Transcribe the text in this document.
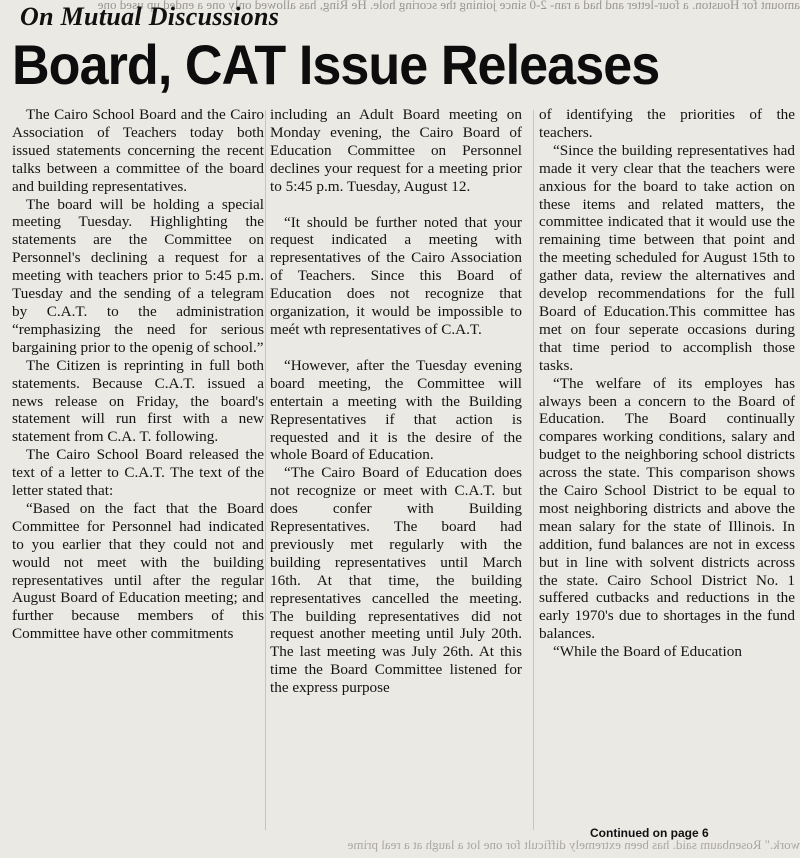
amount for Houston. a four-letter and had a ran- 2-0 since joining the scoring hole. He Ring, has allowed only one a ended up used one
On Mutual Discussions
Board, CAT Issue Releases

The Cairo School Board and the Cairo Association of Teachers today both issued statements concerning the recent talks between a committee of the board and building representatives.

The board will be holding a special meeting Tuesday. Highlighting the statements are the Committee on Personnel's declining a request for a meeting with teachers prior to 5:45 p.m. Tuesday and the sending of a telegram by C.A.T. to the administration “remphasizing the need for serious bargaining prior to the openig of school.”

The Citizen is reprinting in full both statements. Because C.A.T. issued a news release on Friday, the board's statement will run first with a new statement from C.A. T. following.

The Cairo School Board released the text of a letter to C.A.T. The text of the letter stated that:

“Based on the fact that the Board Committee for Personnel had indicated to you earlier that they could not and would not meet with the building representatives until after the regular August Board of Education meeting; and further because members of this Committee have other commitments

including an Adult Board meeting on Monday evening, the Cairo Board of Education Committee on Personnel declines your request for a meeting prior to 5:45 p.m. Tuesday, August 12.

“It should be further noted that your request indicated a meeting with representatives of the Cairo Association of Teachers. Since this Board of Education does not recognize that organization, it would be impossible to meét wth representatives of C.A.T.

“However, after the Tuesday evening board meeting, the Committee will entertain a meeting with the Building Representatives if that action is requested and it is the desire of the whole Board of Education.

“The Cairo Board of Education does not recognize or meet with C.A.T. but does confer with Building Representatives. The board had previously met regularly with the building representatives until March 16th. At that time, the building representatives cancelled the meeting. The building representatives did not request another meeting until July 20th. The last meeting was July 26th. At this time the Board Committee listened for the express purpose

of identifying the priorities of the teachers.

“Since the building representatives had made it very clear that the teachers were anxious for the board to take action on these items and related matters, the committee indicated that it would use the remaining time between that point and the meeting scheduled for August 15th to gather data, review the alternatives and develop recommendations for the full Board of Education.This committee has met on four seperate occasions during that time period to accomplish those tasks.

“The welfare of its employes has always been a concern to the Board of Education. The Board continually compares working conditions, salary and budget to the neighboring school districts across the state. This comparison shows the Cairo School District to be equal to most neighboring districts and above the mean salary for the state of Illinois. In addition, fund balances are not in excess but in line with solvent districts across the state. Cairo School District No. 1 suffered cutbacks and reductions in the early 1970's due to shortages in the fund balances.

“While the Board of Education

work." Rosenbaum said. has been extremely difficult for one lot a laugh at a real prime
Continued on page 6
